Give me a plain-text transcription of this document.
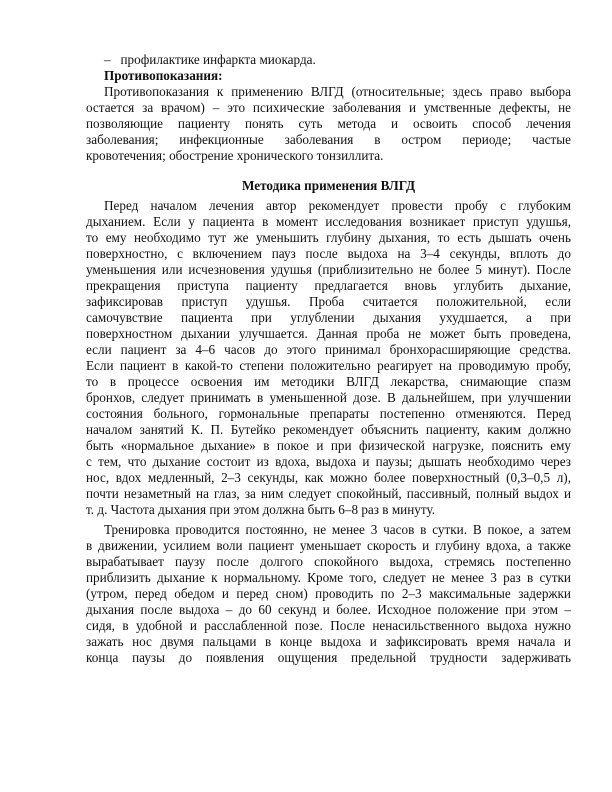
– профилактике инфаркта миокарда.
Противопоказания:
Противопоказания к применению ВЛГД (относительные; здесь право выбора
остается за врачом) – это психические заболевания и умственные дефекты, не
позволяющие пациенту понять суть метода и освоить способ лечения
заболевания; инфекционные заболевания в остром периоде; частые
кровотечения; обострение хронического тонзиллита.
Методика применения ВЛГД
Перед началом лечения автор рекомендует провести пробу с глубоким
дыханием. Если у пациента в момент исследования возникает приступ удушья,
то ему необходимо тут же уменьшить глубину дыхания, то есть дышать очень
поверхностно, с включением пауз после выдоха на 3–4 секунды, вплоть до
уменьшения или исчезновения удушья (приблизительно не более 5 минут). После
прекращения приступа пациенту предлагается вновь углубить дыхание,
зафиксировав приступ удушья. Проба считается положительной, если
самочувствие пациента при углублении дыхания ухудшается, а при
поверхностном дыхании улучшается. Данная проба не может быть проведена,
если пациент за 4–6 часов до этого принимал бронхорасширяющие средства.
Если пациент в какой-то степени положительно реагирует на проводимую пробу,
то в процессе освоения им методики ВЛГД лекарства, снимающие спазм
бронхов, следует принимать в уменьшенной дозе. В дальнейшем, при улучшении
состояния больного, гормональные препараты постепенно отменяются. Перед
началом занятий К. П. Бутейко рекомендует объяснить пациенту, каким должно
быть «нормальное дыхание» в покое и при физической нагрузке, пояснить ему
с тем, что дыхание состоит из вдоха, выдоха и паузы; дышать необходимо через
нос, вдох медленный, 2–3 секунды, как можно более поверхностный (0,3–0,5 л),
почти незаметный на глаз, за ним следует спокойный, пассивный, полный выдох и
т. д. Частота дыхания при этом должна быть 6–8 раз в минуту.
Тренировка проводится постоянно, не менее 3 часов в сутки. В покое, а затем
в движении, усилием воли пациент уменьшает скорость и глубину вдоха, а также
вырабатывает паузу после долгого спокойного выдоха, стремясь постепенно
приблизить дыхание к нормальному. Кроме того, следует не менее 3 раз в сутки
(утром, перед обедом и перед сном) проводить по 2–3 максимальные задержки
дыхания после выдоха – до 60 секунд и более. Исходное положение при этом –
сидя, в удобной и расслабленной позе. После ненасильственного выдоха нужно
зажать нос двумя пальцами в конце выдоха и зафиксировать время начала и
конца паузы до появления ощущения предельной трудности задерживать
